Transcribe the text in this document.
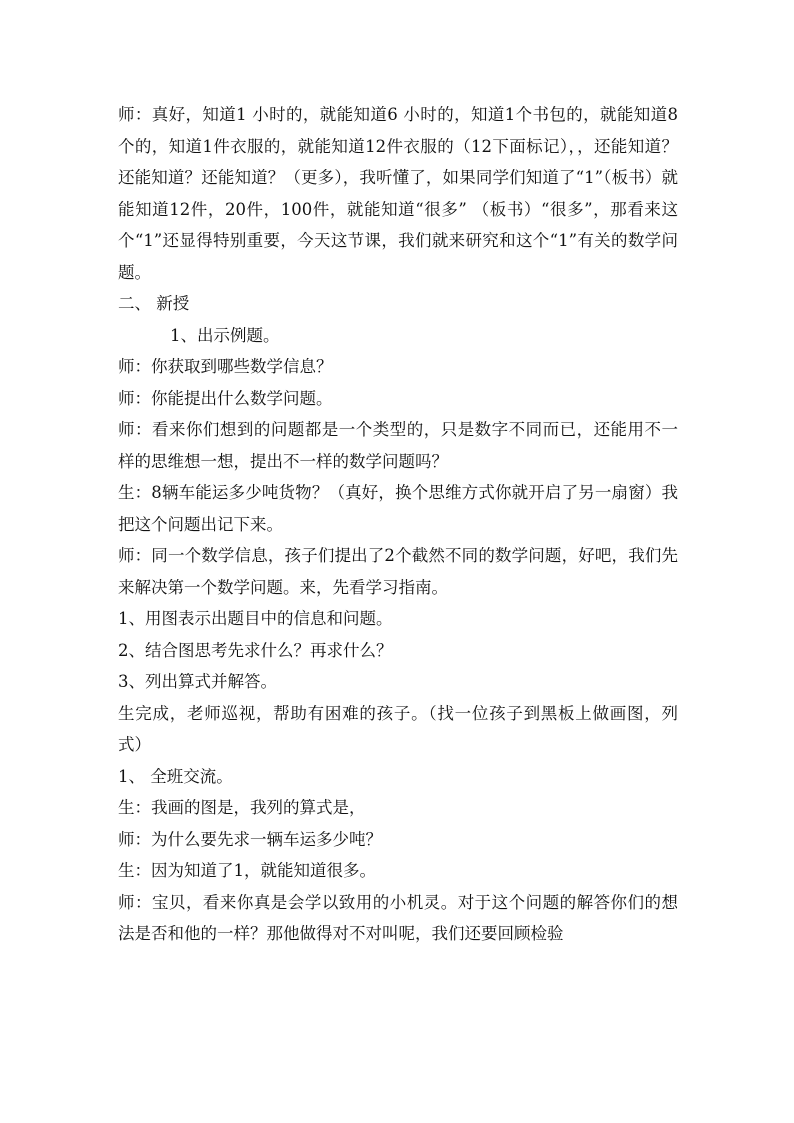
师：真好，知道1 小时的，就能知道6 小时的，知道1个书包的，就能知道8个的，知道1件衣服的，就能知道12件衣服的（12下面标记），，还能知道？还能知道？还能知道？（更多），我听懂了，如果同学们知道了“1”（板书）就能知道12件，20件，100件，就能知道“很多” （板书）“很多”，那看来这个“1”还显得特别重要，今天这节课，我们就来研究和这个“1”有关的数学问题。

二、 新授

1、出示例题。

师：你获取到哪些数学信息？

师：你能提出什么数学问题。

师：看来你们想到的问题都是一个类型的，只是数字不同而已，还能用不一样的思维想一想，提出不一样的数学问题吗？

生：8辆车能运多少吨货物？（真好，换个思维方式你就开启了另一扇窗）我把这个问题出记下来。

师：同一个数学信息，孩子们提出了2个截然不同的数学问题，好吧，我们先来解决第一个数学问题。来，先看学习指南。

1、用图表示出题目中的信息和问题。

2、结合图思考先求什么？再求什么？

3、列出算式并解答。

生完成，老师巡视，帮助有困难的孩子。（找一位孩子到黑板上做画图，列式）

1、 全班交流。

生：我画的图是，我列的算式是，

师：为什么要先求一辆车运多少吨？

生：因为知道了1，就能知道很多。

师：宝贝，看来你真是会学以致用的小机灵。对于这个问题的解答你们的想法是否和他的一样？那他做得对不对叫呢，我们还要回顾检验
